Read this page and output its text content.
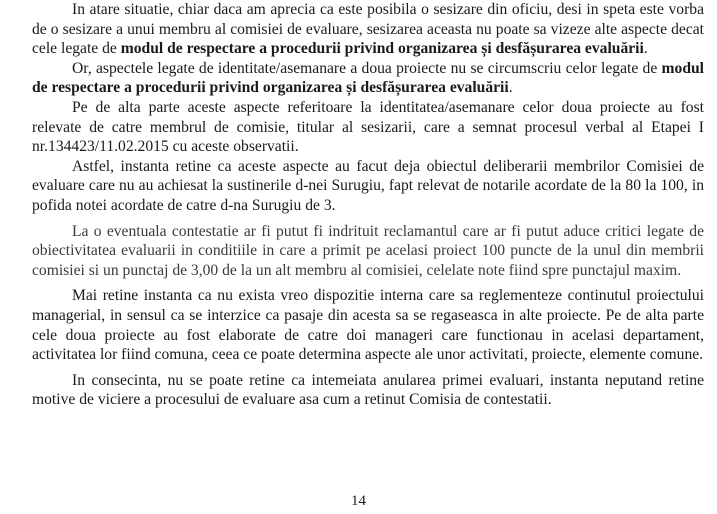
In atare situatie, chiar daca am aprecia ca este posibila o sesizare din oficiu, desi in speta este vorba de o sesizare a unui membru al comisiei de evaluare, sesizarea aceasta nu poate sa vizeze alte aspecte decat cele legate de modul de respectare a procedurii privind organizarea și desfășurarea evaluării.

Or, aspectele legate de identitate/asemanare a doua proiecte nu se circumscriu celor legate de modul de respectare a procedurii privind organizarea și desfășurarea evaluării.

Pe de alta parte aceste aspecte referitoare la identitatea/asemanare celor doua proiecte au fost relevate de catre membrul de comisie, titular al sesizarii, care a semnat procesul verbal al Etapei I nr.134423/11.02.2015 cu aceste observatii.

Astfel, instanta retine ca aceste aspecte au facut deja obiectul deliberarii membrilor Comisiei de evaluare care nu au achiesat la sustinerile d-nei Surugiu, fapt relevat de notarile acordate de la 80 la 100, in pofida notei acordate de catre d-na Surugiu de 3.

La o eventuala contestatie ar fi putut fi indrituit reclamantul care ar fi putut aduce critici legate de obiectivitatea evaluarii in conditiile in care a primit pe acelasi proiect 100 puncte de la unul din membrii comisiei si un punctaj de 3,00 de la un alt membru al comisiei, celelate note fiind spre punctajul maxim.

Mai retine instanta ca nu exista vreo dispozitie interna care sa reglementeze continutul proiectului managerial, in sensul ca se interzice ca pasaje din acesta sa se regaseasca in alte proiecte. Pe de alta parte cele doua proiecte au fost elaborate de catre doi manageri care functionau in acelasi departament, activitatea lor fiind comuna, ceea ce poate determina aspecte ale unor activitati, proiecte, elemente comune.

In consecinta, nu se poate retine ca intemeiata anularea primei evaluari, instanta neputand retine motive de viciere a procesului de evaluare asa cum a retinut Comisia de contestatii.

14
